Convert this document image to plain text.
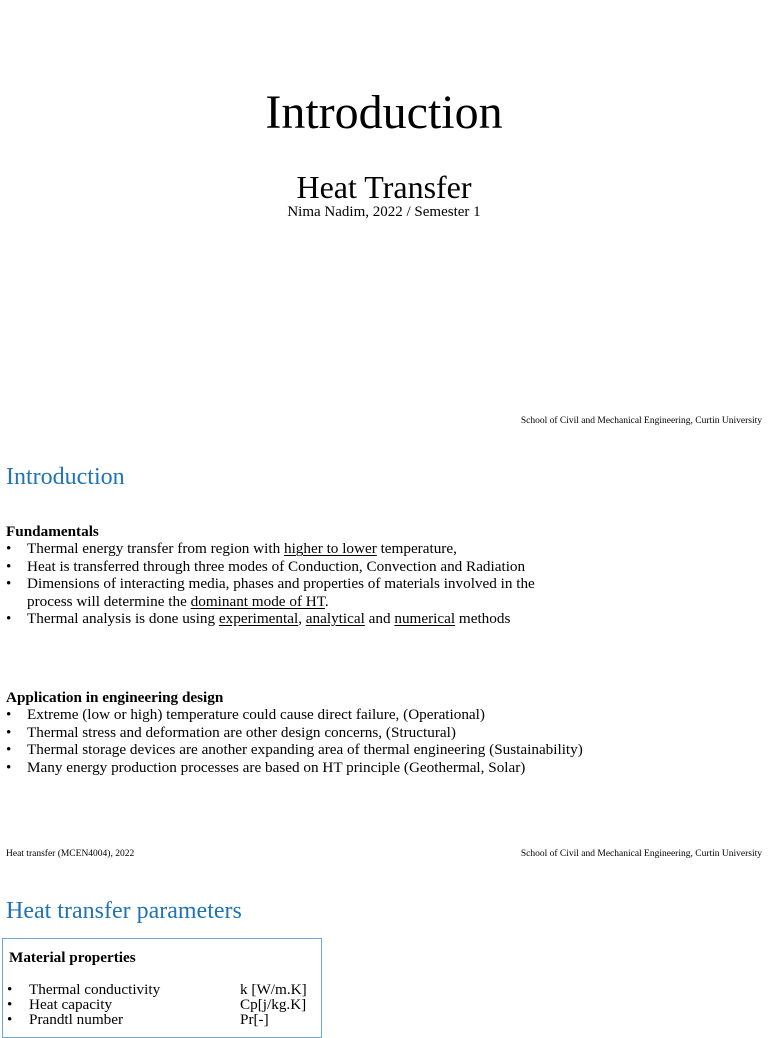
Introduction
Heat Transfer
Nima Nadim, 2022 / Semester 1
School of Civil and Mechanical Engineering, Curtin University
Introduction
Fundamentals
• Thermal energy transfer from region with higher to lower temperature,
• Heat is transferred through three modes of Conduction, Convection and Radiation
• Dimensions of interacting media, phases and properties of materials involved in the
process will determine the dominant mode of HT.
• Thermal analysis is done using experimental, analytical and numerical methods
Application in engineering design
• Extreme (low or high) temperature could cause direct failure, (Operational)
• Thermal stress and deformation are other design concerns, (Structural)
• Thermal storage devices are another expanding area of thermal engineering (Sustainability)
• Many energy production processes are based on HT principle (Geothermal, Solar)
Heat transfer (MCEN4004), 2022	School of Civil and Mechanical Engineering, Curtin University
Heat transfer parameters
Material properties
• Thermal conductivity	k [W/m.K]
• Heat capacity	Cp[j/kg.K]
• Prandtl number	Pr[-]
